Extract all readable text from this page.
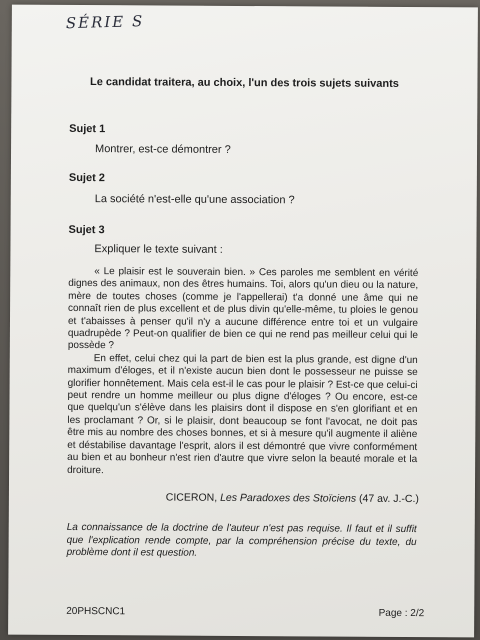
SÉRIE S
Le candidat traitera, au choix, l'un des trois sujets suivants
Sujet 1
Montrer, est-ce démontrer ?
Sujet 2
La société n'est-elle qu'une association ?
Sujet 3
Expliquer le texte suivant :

« Le plaisir est le souverain bien. » Ces paroles me semblent en vérité dignes des animaux, non des êtres humains. Toi, alors qu'un dieu ou la nature, mère de toutes choses (comme je l'appellerai) t'a donné une âme qui ne connaît rien de plus excellent et de plus divin qu'elle-même, tu ploies le genou et t'abaisses à penser qu'il n'y a aucune différence entre toi et un vulgaire quadrupède ? Peut-on qualifier de bien ce qui ne rend pas meilleur celui qui le possède ?

En effet, celui chez qui la part de bien est la plus grande, est digne d'un maximum d'éloges, et il n'existe aucun bien dont le possesseur ne puisse se glorifier honnêtement. Mais cela est-il le cas pour le plaisir ? Est-ce que celui-ci peut rendre un homme meilleur ou plus digne d'éloges ? Ou encore, est-ce que quelqu'un s'élève dans les plaisirs dont il dispose en s'en glorifiant et en les proclamant ? Or, si le plaisir, dont beaucoup se font l'avocat, ne doit pas être mis au nombre des choses bonnes, et si à mesure qu'il augmente il aliène et déstabilise davantage l'esprit, alors il est démontré que vivre conformément au bien et au bonheur n'est rien d'autre que vivre selon la beauté morale et la droiture.

CICERON, Les Paradoxes des Stoïciens (47 av. J.-C.)
La connaissance de la doctrine de l'auteur n'est pas requise. Il faut et il suffit que l'explication rende compte, par la compréhension précise du texte, du problème dont il est question.
20PHSCNC1	Page : 2/2
